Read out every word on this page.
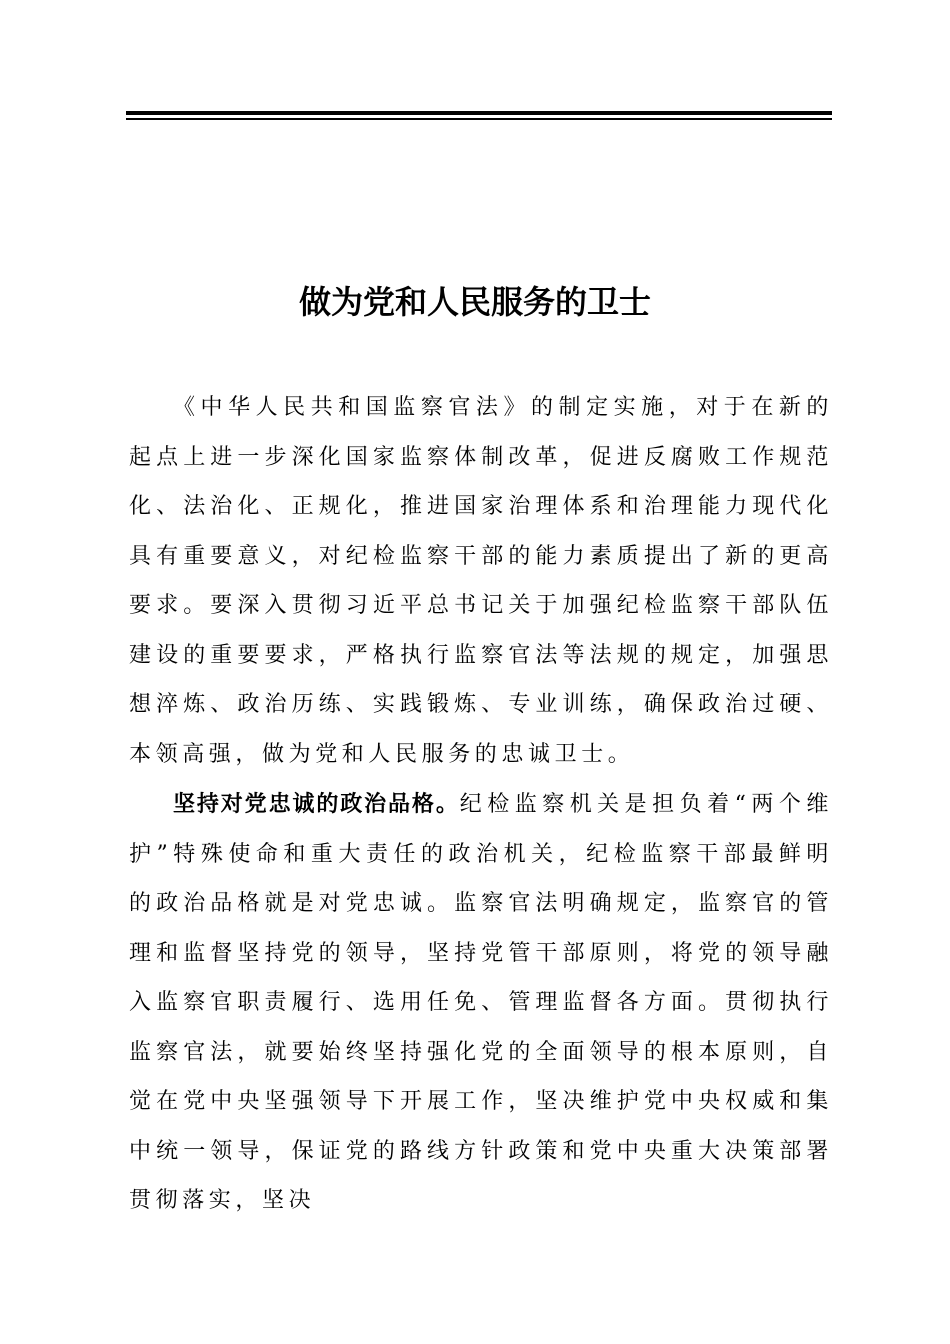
做为党和人民服务的卫士

《中华人民共和国监察官法》的制定实施，对于在新的起点上进一步深化国家监察体制改革，促进反腐败工作规范化、法治化、正规化，推进国家治理体系和治理能力现代化具有重要意义，对纪检监察干部的能力素质提出了新的更高要求。要深入贯彻习近平总书记关于加强纪检监察干部队伍建设的重要要求，严格执行监察官法等法规的规定，加强思想淬炼、政治历练、实践锻炼、专业训练，确保政治过硬、本领高强，做为党和人民服务的忠诚卫士。

坚持对党忠诚的政治品格。纪检监察机关是担负着“两个维护”特殊使命和重大责任的政治机关，纪检监察干部最鲜明的政治品格就是对党忠诚。监察官法明确规定，监察官的管理和监督坚持党的领导，坚持党管干部原则，将党的领导融入监察官职责履行、选用任免、管理监督各方面。贯彻执行监察官法，就要始终坚持强化党的全面领导的根本原则，自觉在党中央坚强领导下开展工作，坚决维护党中央权威和集中统一领导，保证党的路线方针政策和党中央重大决策部署贯彻落实，坚决
